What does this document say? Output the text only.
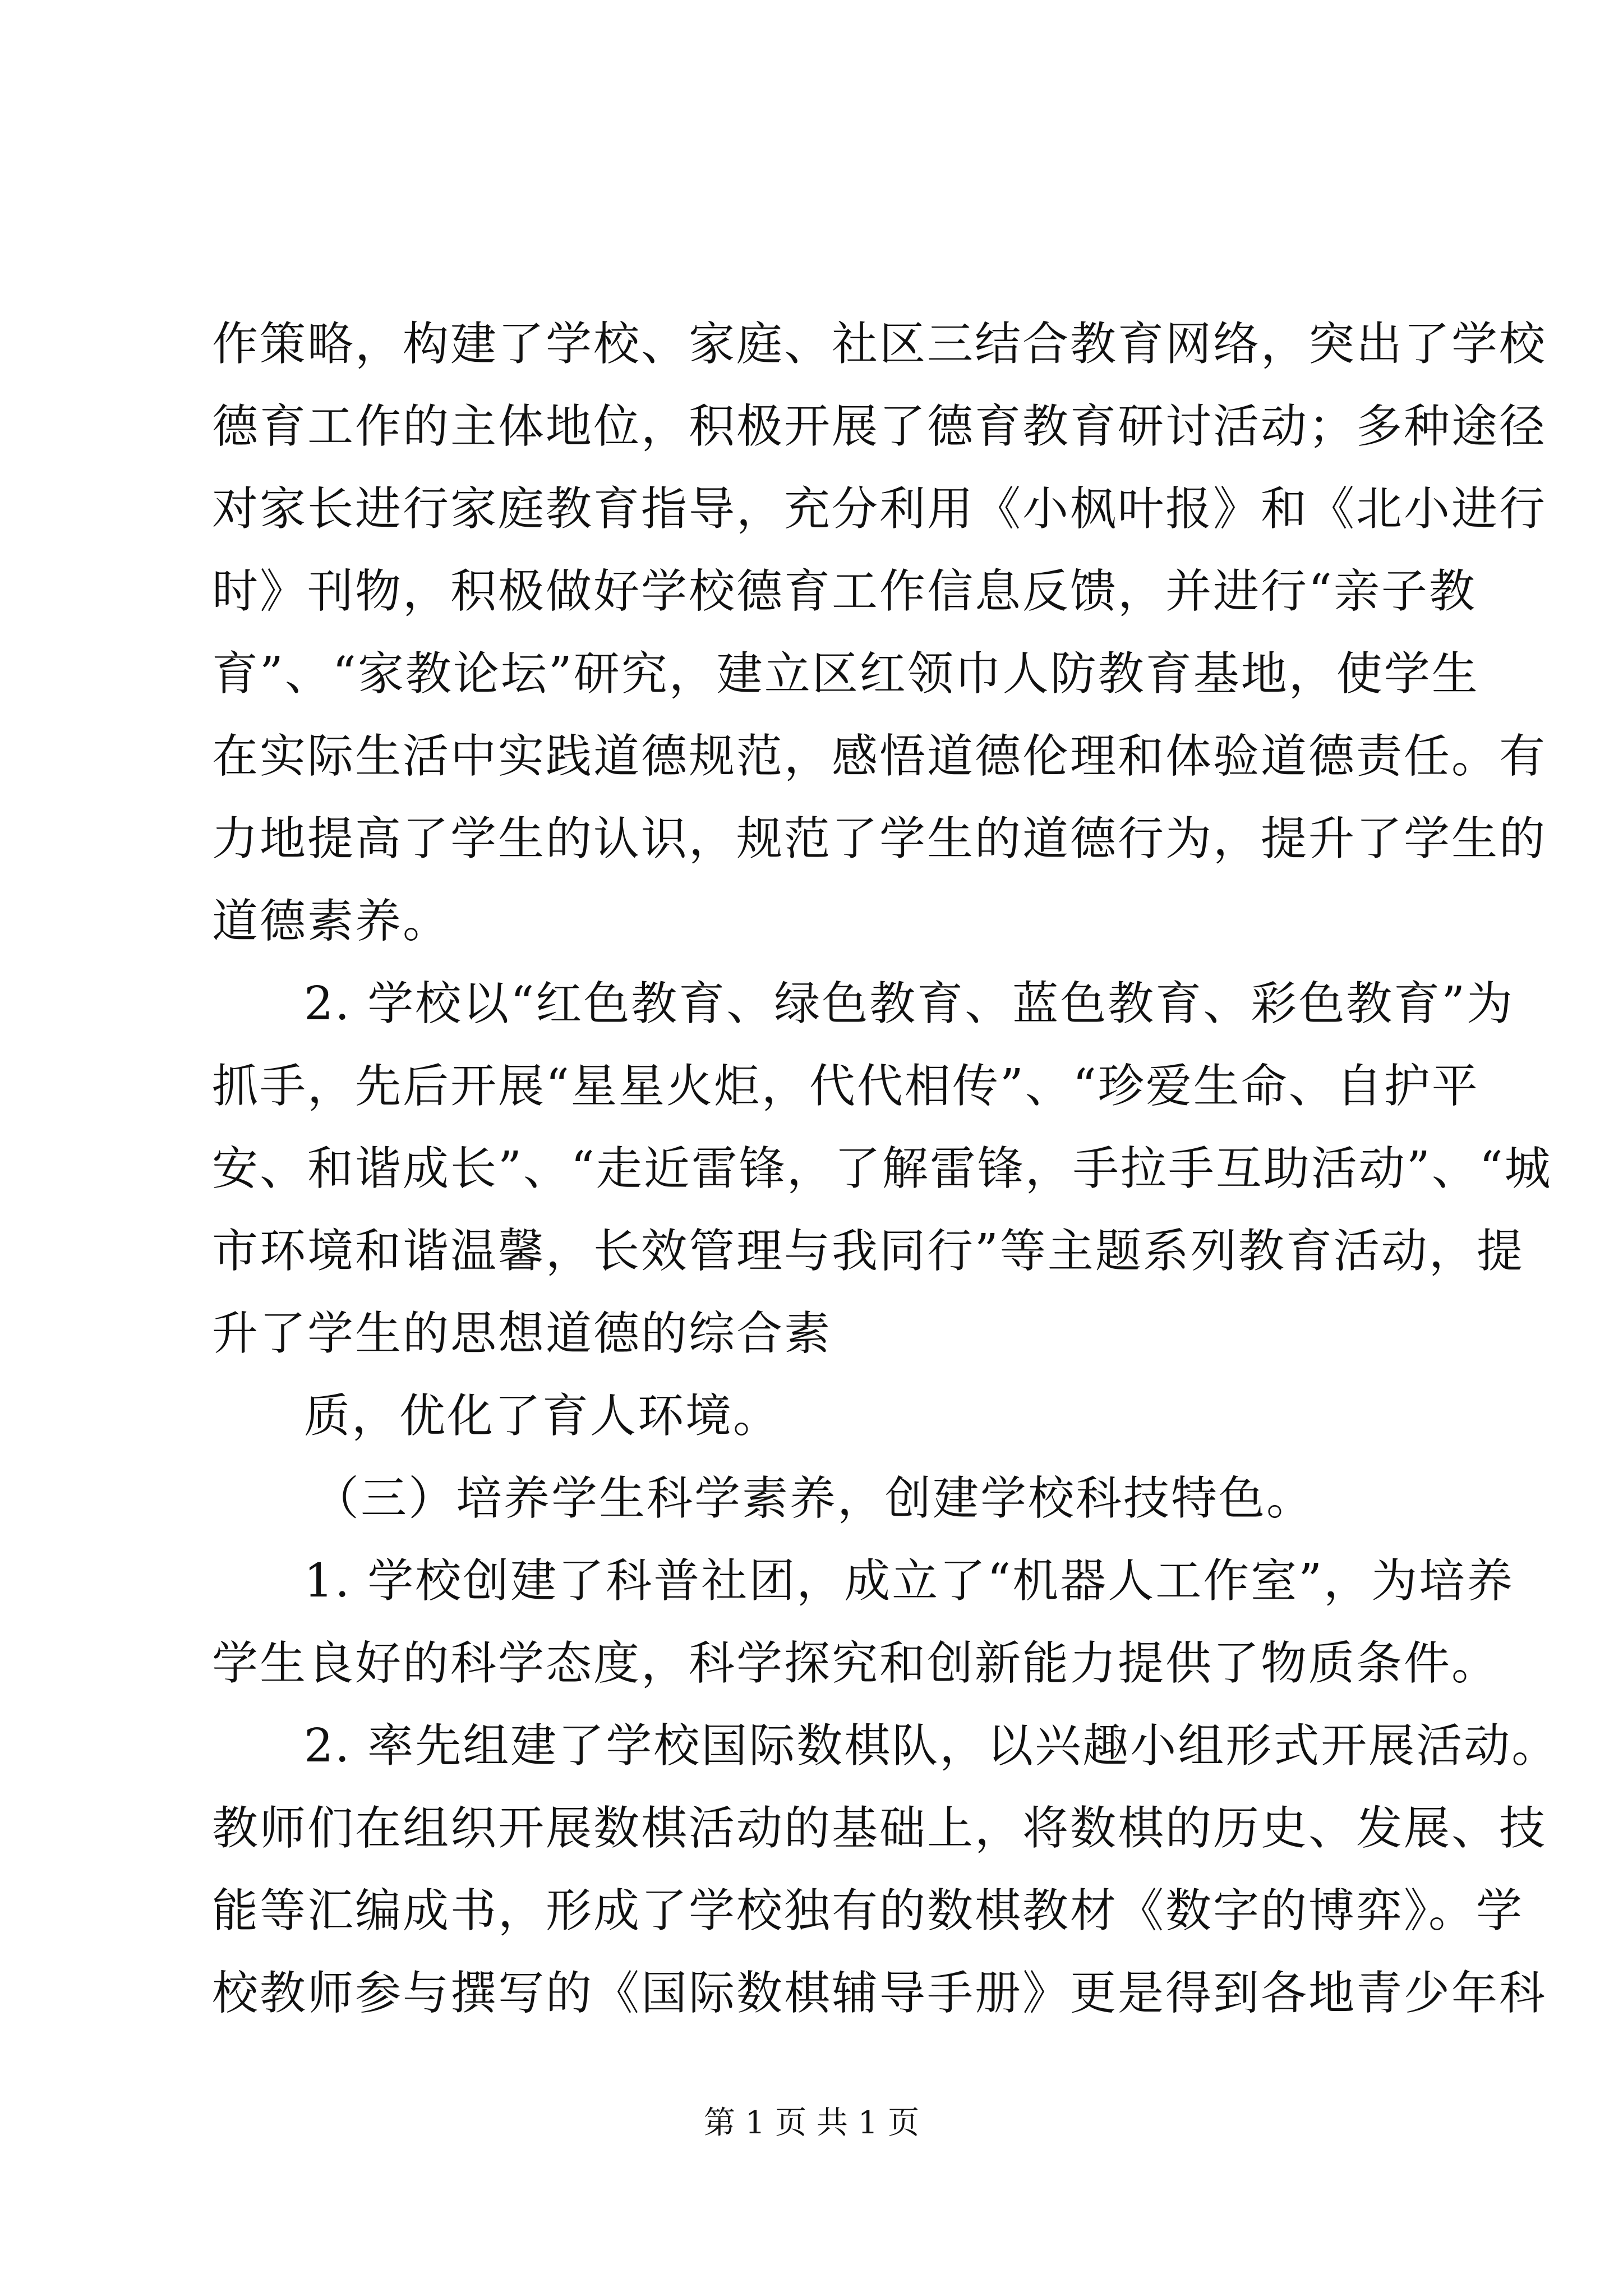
作策略，构建了学校、家庭、社区三结合教育网络，突出了学校
德育工作的主体地位，积极开展了德育教育研讨活动；多种途径
对家长进行家庭教育指导，充分利用《小枫叶报》和《北小进行
时》刊物，积极做好学校德育工作信息反馈，并进行“亲子教
育”、“家教论坛”研究，建立区红领巾人防教育基地，使学生
在实际生活中实践道德规范，感悟道德伦理和体验道德责任。有
力地提高了学生的认识，规范了学生的道德行为，提升了学生的
道德素养。
2. 学校以“红色教育、绿色教育、蓝色教育、彩色教育”为
抓手，先后开展“星星火炬，代代相传”、“珍爱生命、自护平
安、和谐成长”、“走近雷锋，了解雷锋，手拉手互助活动”、“城
市环境和谐温馨，长效管理与我同行”等主题系列教育活动，提
升了学生的思想道德的综合素
质，优化了育人环境。
（三）培养学生科学素养，创建学校科技特色。
1. 学校创建了科普社团，成立了“机器人工作室”，为培养
学生良好的科学态度，科学探究和创新能力提供了物质条件。
2. 率先组建了学校国际数棋队，以兴趣小组形式开展活动。
教师们在组织开展数棋活动的基础上，将数棋的历史、发展、技
能等汇编成书，形成了学校独有的数棋教材《数字的博弈》。学
校教师参与撰写的《国际数棋辅导手册》更是得到各地青少年科
第 1 页 共 1 页
